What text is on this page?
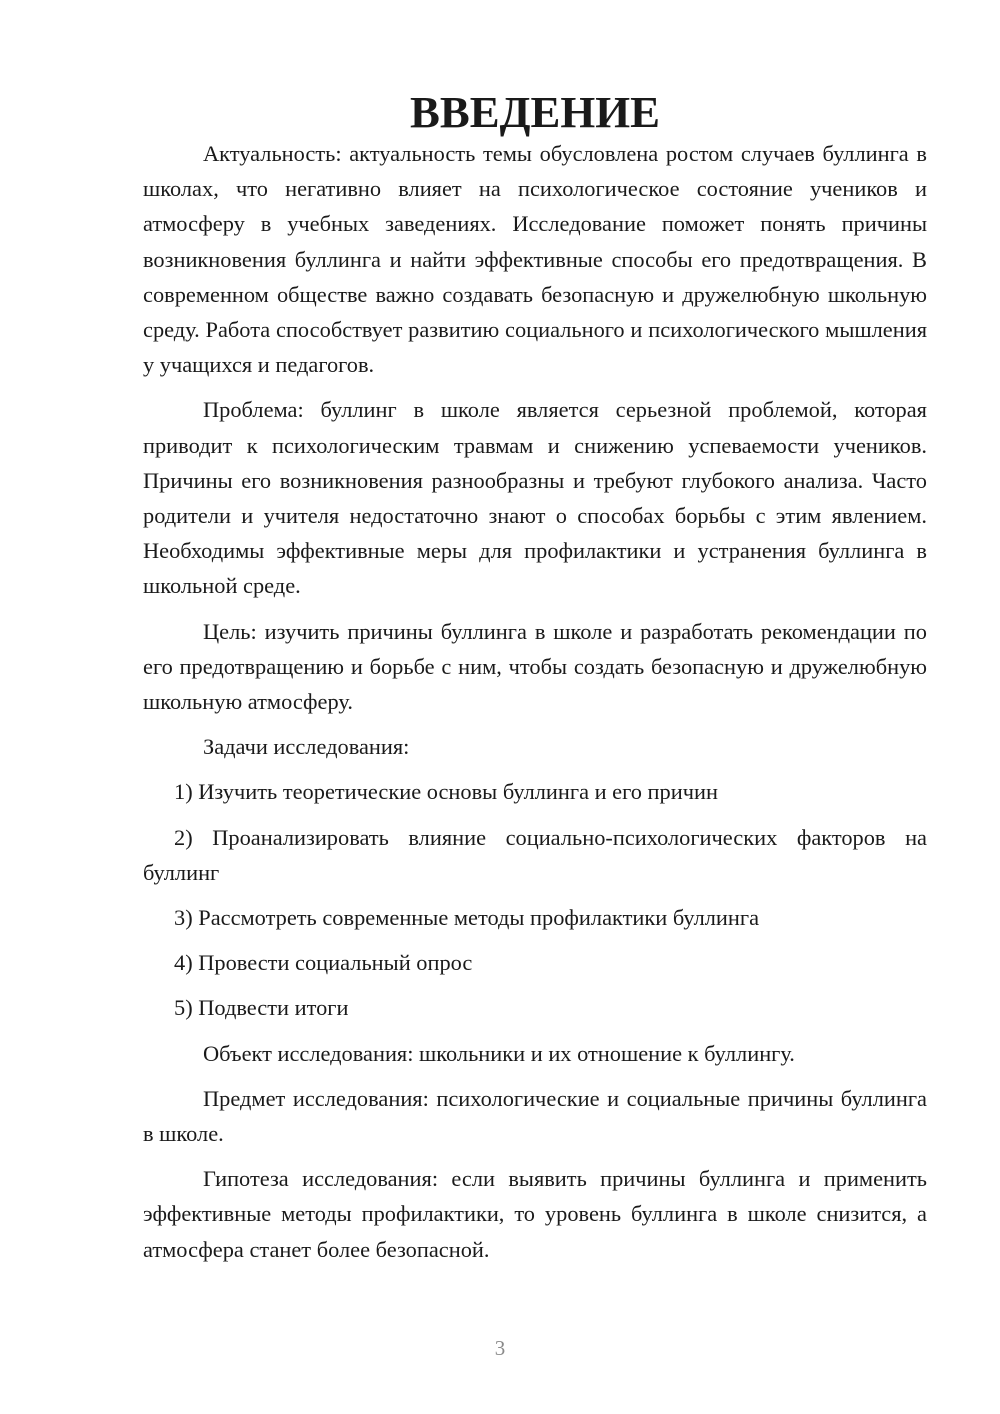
ВВЕДЕНИЕ

Актуальность: актуальность темы обусловлена ростом случаев буллинга в школах, что негативно влияет на психологическое состояние учеников и атмосферу в учебных заведениях. Исследование поможет понять причины возникновения буллинга и найти эффективные способы его предотвращения. В современном обществе важно создавать безопасную и дружелюбную школьную среду. Работа способствует развитию социального и психологического мышления у учащихся и педагогов.

Проблема: буллинг в школе является серьезной проблемой, которая приводит к психологическим травмам и снижению успеваемости учеников. Причины его возникновения разнообразны и требуют глубокого анализа. Часто родители и учителя недостаточно знают о способах борьбы с этим явлением. Необходимы эффективные меры для профилактики и устранения буллинга в школьной среде.

Цель: изучить причины буллинга в школе и разработать рекомендации по его предотвращению и борьбе с ним, чтобы создать безопасную и дружелюбную школьную атмосферу.

Задачи исследования:

1) Изучить теоретические основы буллинга и его причин

2) Проанализировать влияние социально-психологических факторов на буллинг

3) Рассмотреть современные методы профилактики буллинга

4) Провести социальный опрос

5) Подвести итоги

Объект исследования: школьники и их отношение к буллингу.

Предмет исследования: психологические и социальные причины буллинга в школе.

Гипотеза исследования: если выявить причины буллинга и применить эффективные методы профилактики, то уровень буллинга в школе снизится, а атмосфера станет более безопасной.

3
